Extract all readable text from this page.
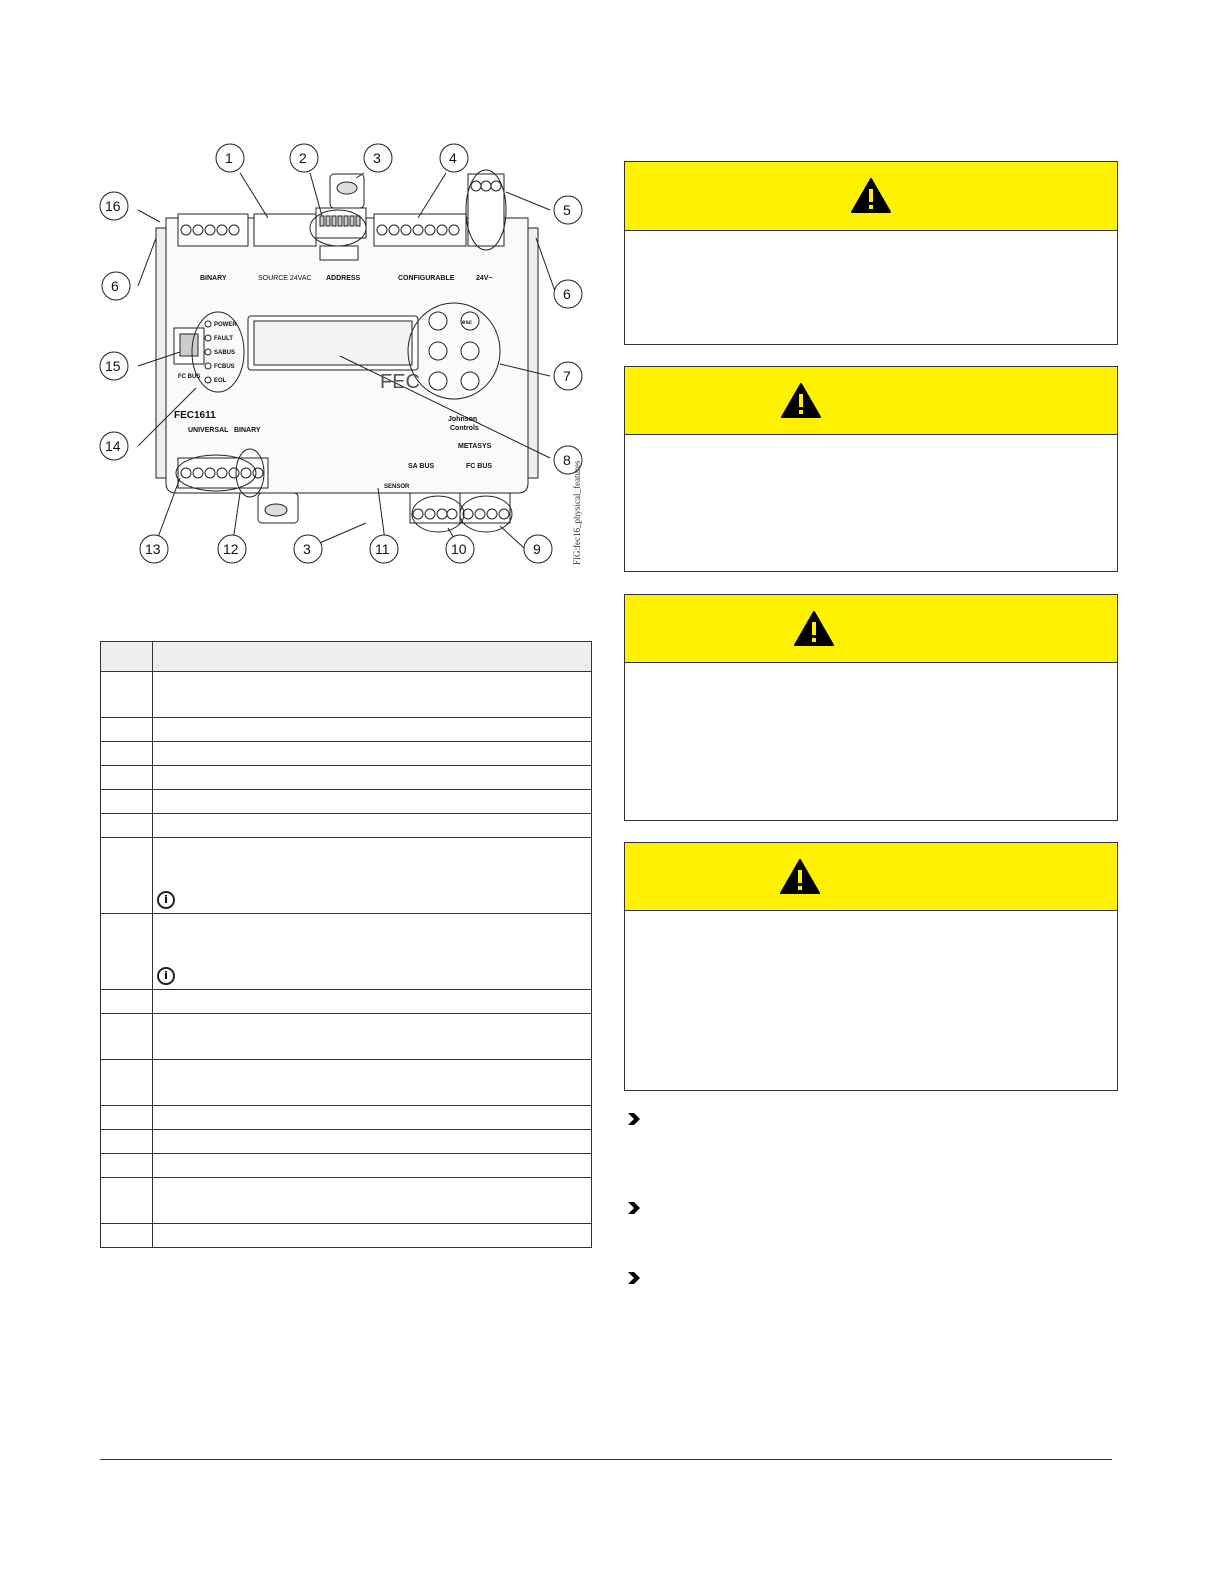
BINARY	SOURCE 24VAC ADDRESS	CONFIGURABLE	24V~
UNIVERSAL BINARY
SENSOR
SA BUS	FC BUS
FC BUS
FEC1611	Johnson
Controls
METASYS
FEC
esc
POWER
FAULT
SABUS
FCBUS
EOL
1	2	3	4
5
6	6
7
8
9
10
11
12	3
13
14
15
16
FIG:fec16_physical_features

	i
	i
